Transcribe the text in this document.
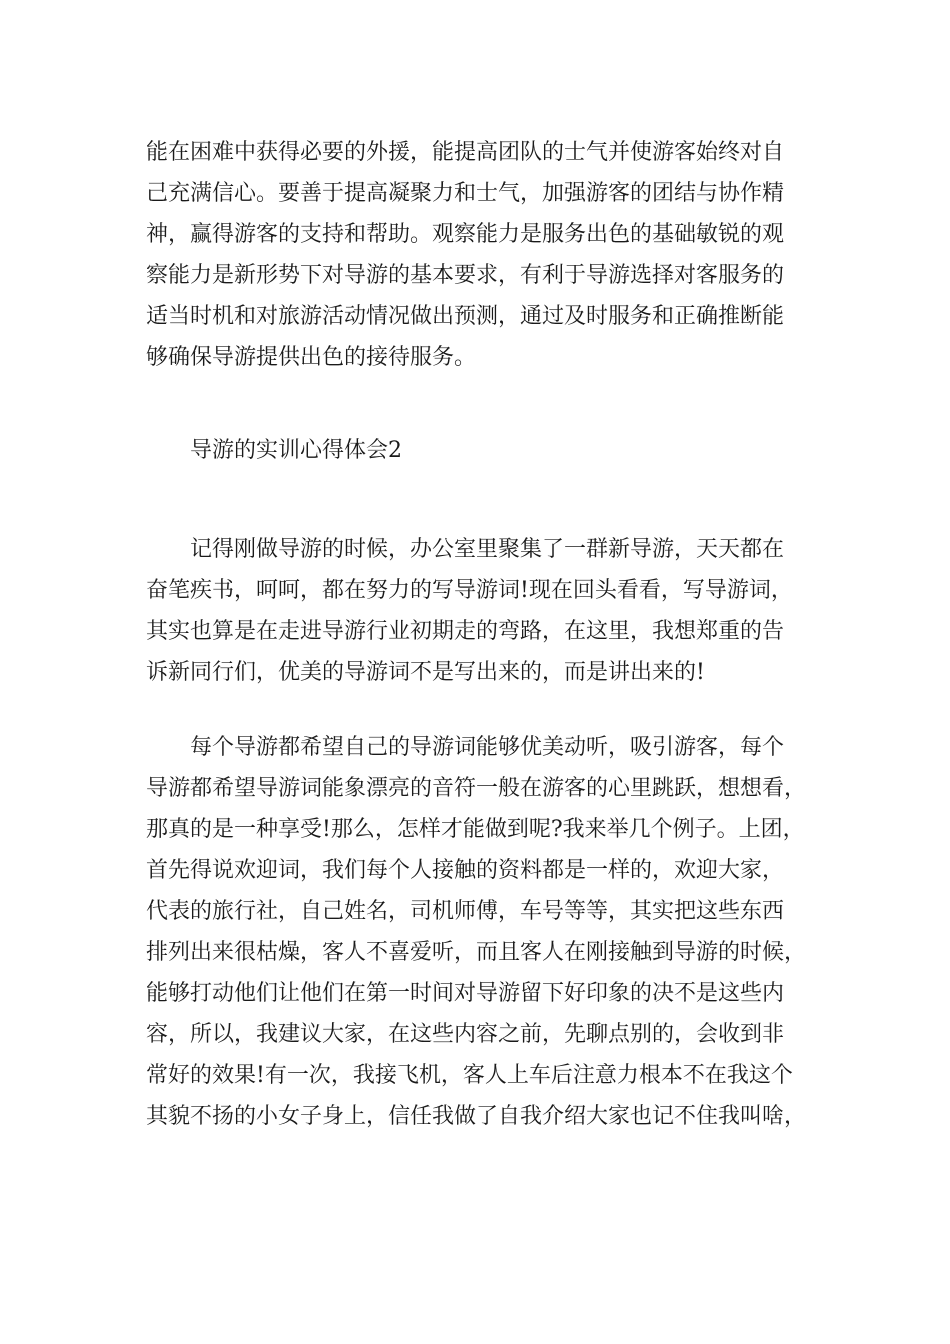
能在困难中获得必要的外援，能提高团队的士气并使游客始终对自
己充满信心。要善于提高凝聚力和士气，加强游客的团结与协作精
神，赢得游客的支持和帮助。观察能力是服务出色的基础敏锐的观
察能力是新形势下对导游的基本要求，有利于导游选择对客服务的
适当时机和对旅游活动情况做出预测，通过及时服务和正确推断能
够确保导游提供出色的接待服务。
导游的实训心得体会2
记得刚做导游的时候，办公室里聚集了一群新导游，天天都在
奋笔疾书，呵呵，都在努力的写导游词!现在回头看看，写导游词，
其实也算是在走进导游行业初期走的弯路，在这里，我想郑重的告
诉新同行们，优美的导游词不是写出来的，而是讲出来的!
每个导游都希望自己的导游词能够优美动听，吸引游客，每个
导游都希望导游词能象漂亮的音符一般在游客的心里跳跃，想想看，
那真的是一种享受!那么，怎样才能做到呢?我来举几个例子。上团，
首先得说欢迎词，我们每个人接触的资料都是一样的，欢迎大家，
代表的旅行社，自己姓名，司机师傅，车号等等，其实把这些东西
排列出来很枯燥，客人不喜爱听，而且客人在刚接触到导游的时候，
能够打动他们让他们在第一时间对导游留下好印象的决不是这些内
容，所以，我建议大家，在这些内容之前，先聊点别的，会收到非
常好的效果!有一次，我接飞机，客人上车后注意力根本不在我这个
其貌不扬的小女子身上，信任我做了自我介绍大家也记不住我叫啥，
